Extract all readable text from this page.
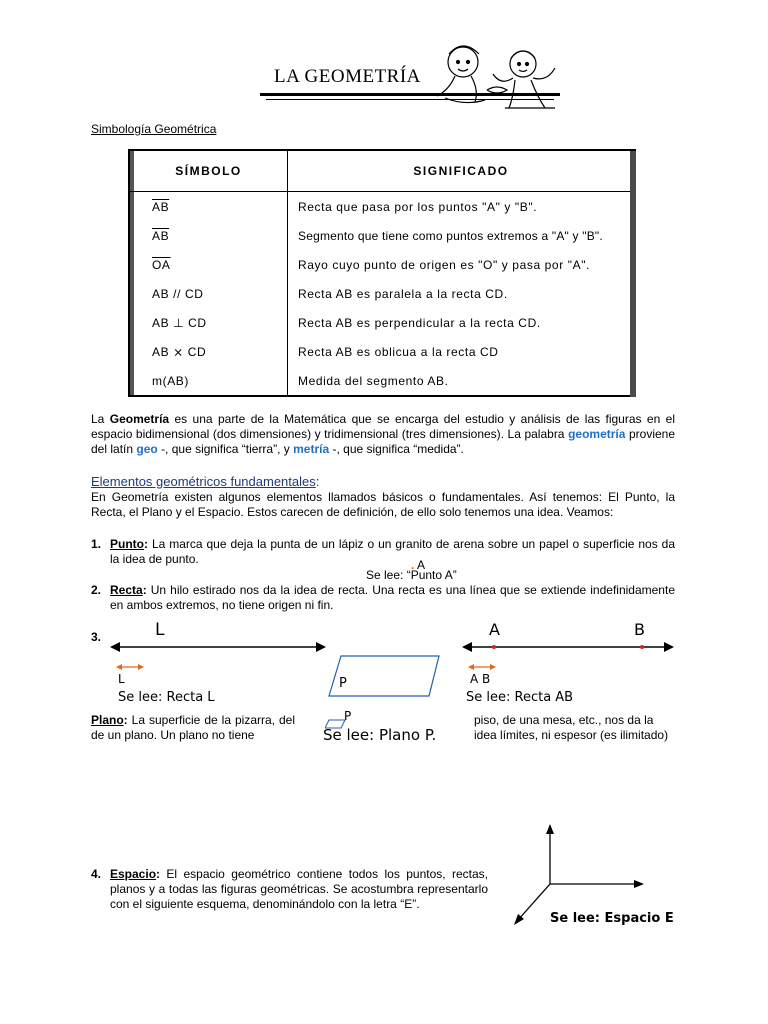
LA GEOMETRÍA
Simbología Geométrica
SÍMBOLO	SIGNIFICADO
$\overline{AB}$	Recta que pasa por los puntos "A" y "B".
$\overline{AB}$	Segmento que tiene como puntos extremos a "A" y "B".
$\overline{OA}$	Rayo cuyo punto de origen es "O" y pasa por "A".
AB // CD	Recta AB es paralela a la recta CD.
AB ⊥ CD	Recta AB es perpendicular a la recta CD.
AB ⨯ CD	Recta AB es oblicua a la recta CD
m(AB)	Medida del segmento AB.
La Geometría es una parte de la Matemática que se encarga del estudio y análisis de las figuras en el espacio bidimensional (dos dimensiones) y tridimensional (tres dimensiones). La palabra geometría proviene del latín geo -, que significa “tierra”, y metría -, que significa “medida”.
Elementos geométricos fundamentales:
En Geometría existen algunos elementos llamados básicos o fundamentales. Así tenemos: El Punto, la Recta, el Plano y el Espacio. Estos carecen de definición, de ello solo tenemos una idea. Veamos:
1. Punto: La marca que deja la punta de un lápiz o un granito de arena sobre un papel o superficie nos da la idea de punto.	. A
Se lee: “Punto A”
2. Recta: Un hilo estirado nos da la idea de recta. Una recta es una línea que se extiende indefinidamente en ambos extremos, no tiene origen ni fin.
3.	L
L
Se lee: Recta L
P
P
Se lee: Plano P.
A	B
A B
Se lee: Recta AB
Plano: La superficie de la pizarra, del de un plano. Un plano no tiene
piso, de una mesa, etc., nos da la idea límites, ni espesor (es ilimitado)
4. Espacio: El espacio geométrico contiene todos los puntos, rectas, planos y a todas las figuras geométricas. Se acostumbra representarlo con el siguiente esquema, denominándolo con la letra “E”.
Se lee: Espacio E
